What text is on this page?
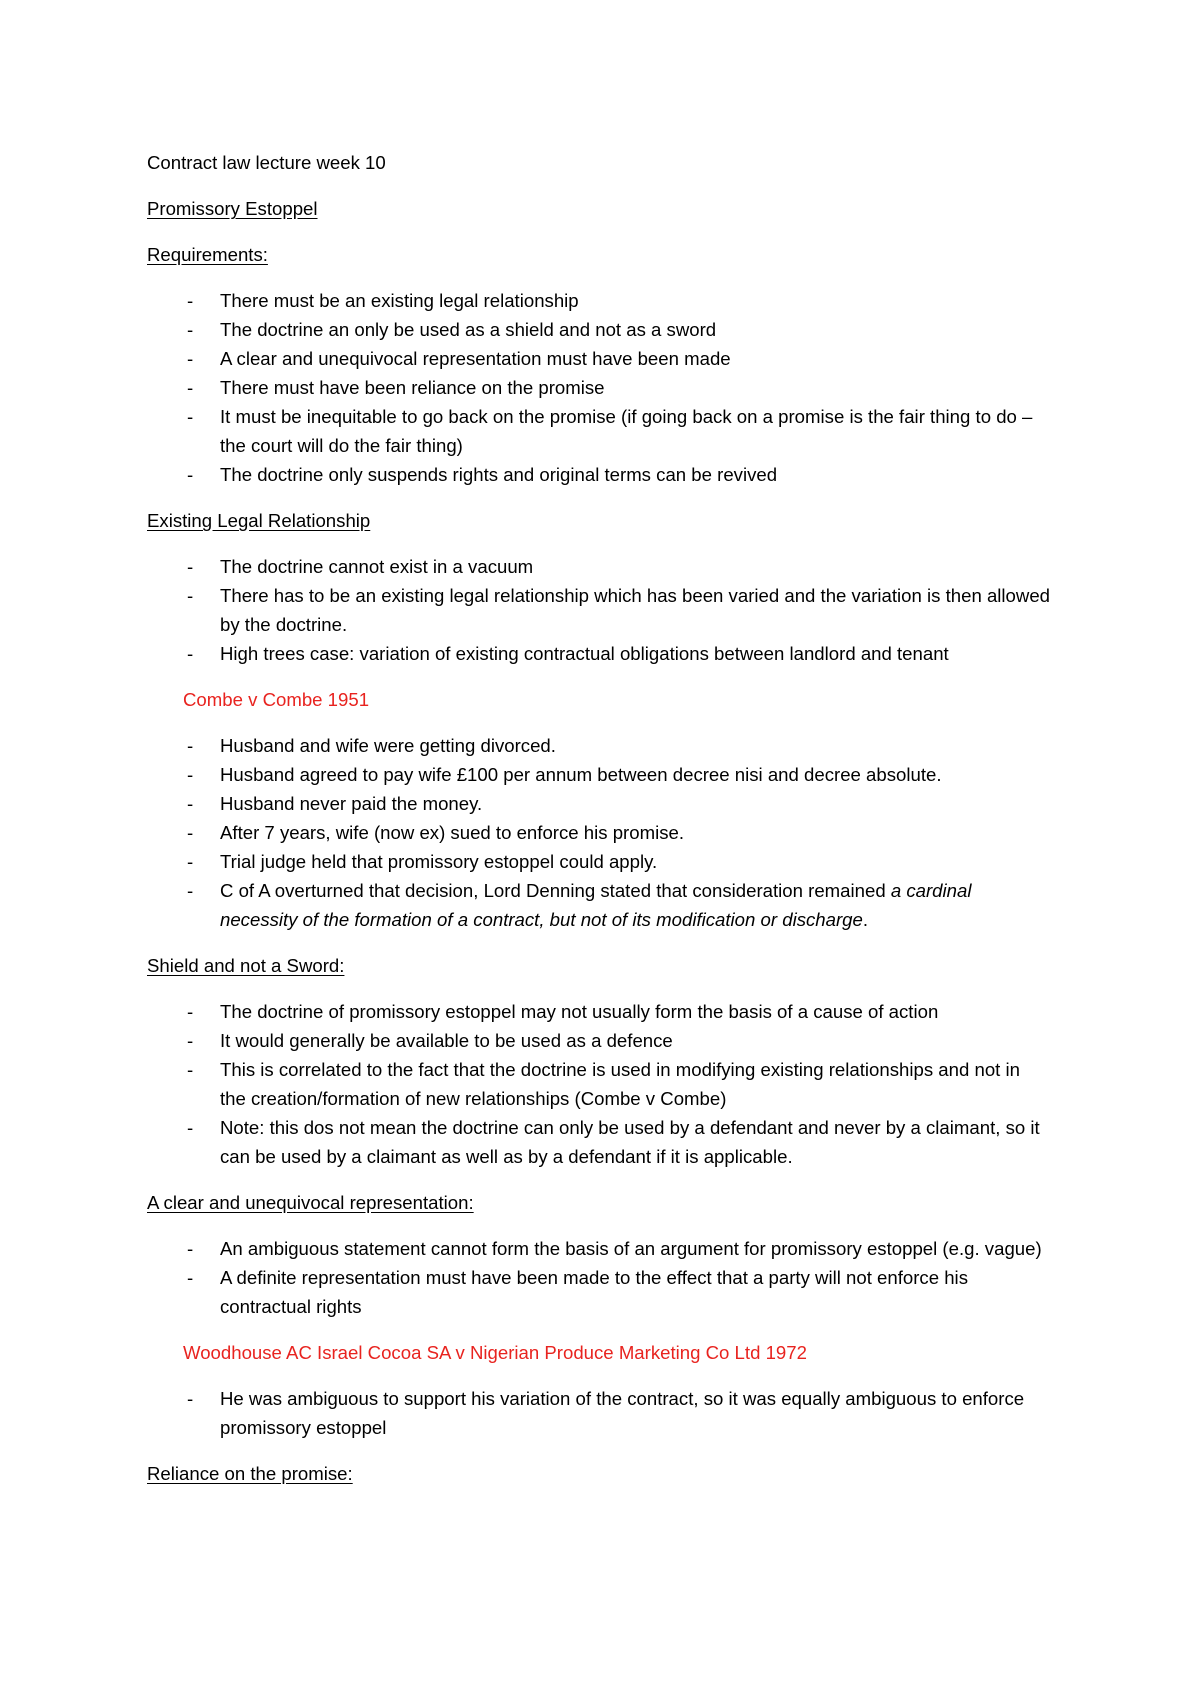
Contract law lecture week 10

Promissory Estoppel

Requirements:

- There must be an existing legal relationship
- The doctrine an only be used as a shield and not as a sword
- A clear and unequivocal representation must have been made
- There must have been reliance on the promise
- It must be inequitable to go back on the promise (if going back on a promise is the fair thing to do – the court will do the fair thing)
- The doctrine only suspends rights and original terms can be revived

Existing Legal Relationship

- The doctrine cannot exist in a vacuum
- There has to be an existing legal relationship which has been varied and the variation is then allowed by the doctrine.
- High trees case: variation of existing contractual obligations between landlord and tenant

Combe v Combe 1951

- Husband and wife were getting divorced.
- Husband agreed to pay wife £100 per annum between decree nisi and decree absolute.
- Husband never paid the money.
- After 7 years, wife (now ex) sued to enforce his promise.
- Trial judge held that promissory estoppel could apply.
- C of A overturned that decision, Lord Denning stated that consideration remained a cardinal necessity of the formation of a contract, but not of its modification or discharge.

Shield and not a Sword:

- The doctrine of promissory estoppel may not usually form the basis of a cause of action
- It would generally be available to be used as a defence
- This is correlated to the fact that the doctrine is used in modifying existing relationships and not in the creation/formation of new relationships (Combe v Combe)
- Note: this dos not mean the doctrine can only be used by a defendant and never by a claimant, so it can be used by a claimant as well as by a defendant if it is applicable.

A clear and unequivocal representation:

- An ambiguous statement cannot form the basis of an argument for promissory estoppel (e.g. vague)
- A definite representation must have been made to the effect that a party will not enforce his contractual rights

Woodhouse AC Israel Cocoa SA v Nigerian Produce Marketing Co Ltd 1972

- He was ambiguous to support his variation of the contract, so it was equally ambiguous to enforce promissory estoppel

Reliance on the promise:
